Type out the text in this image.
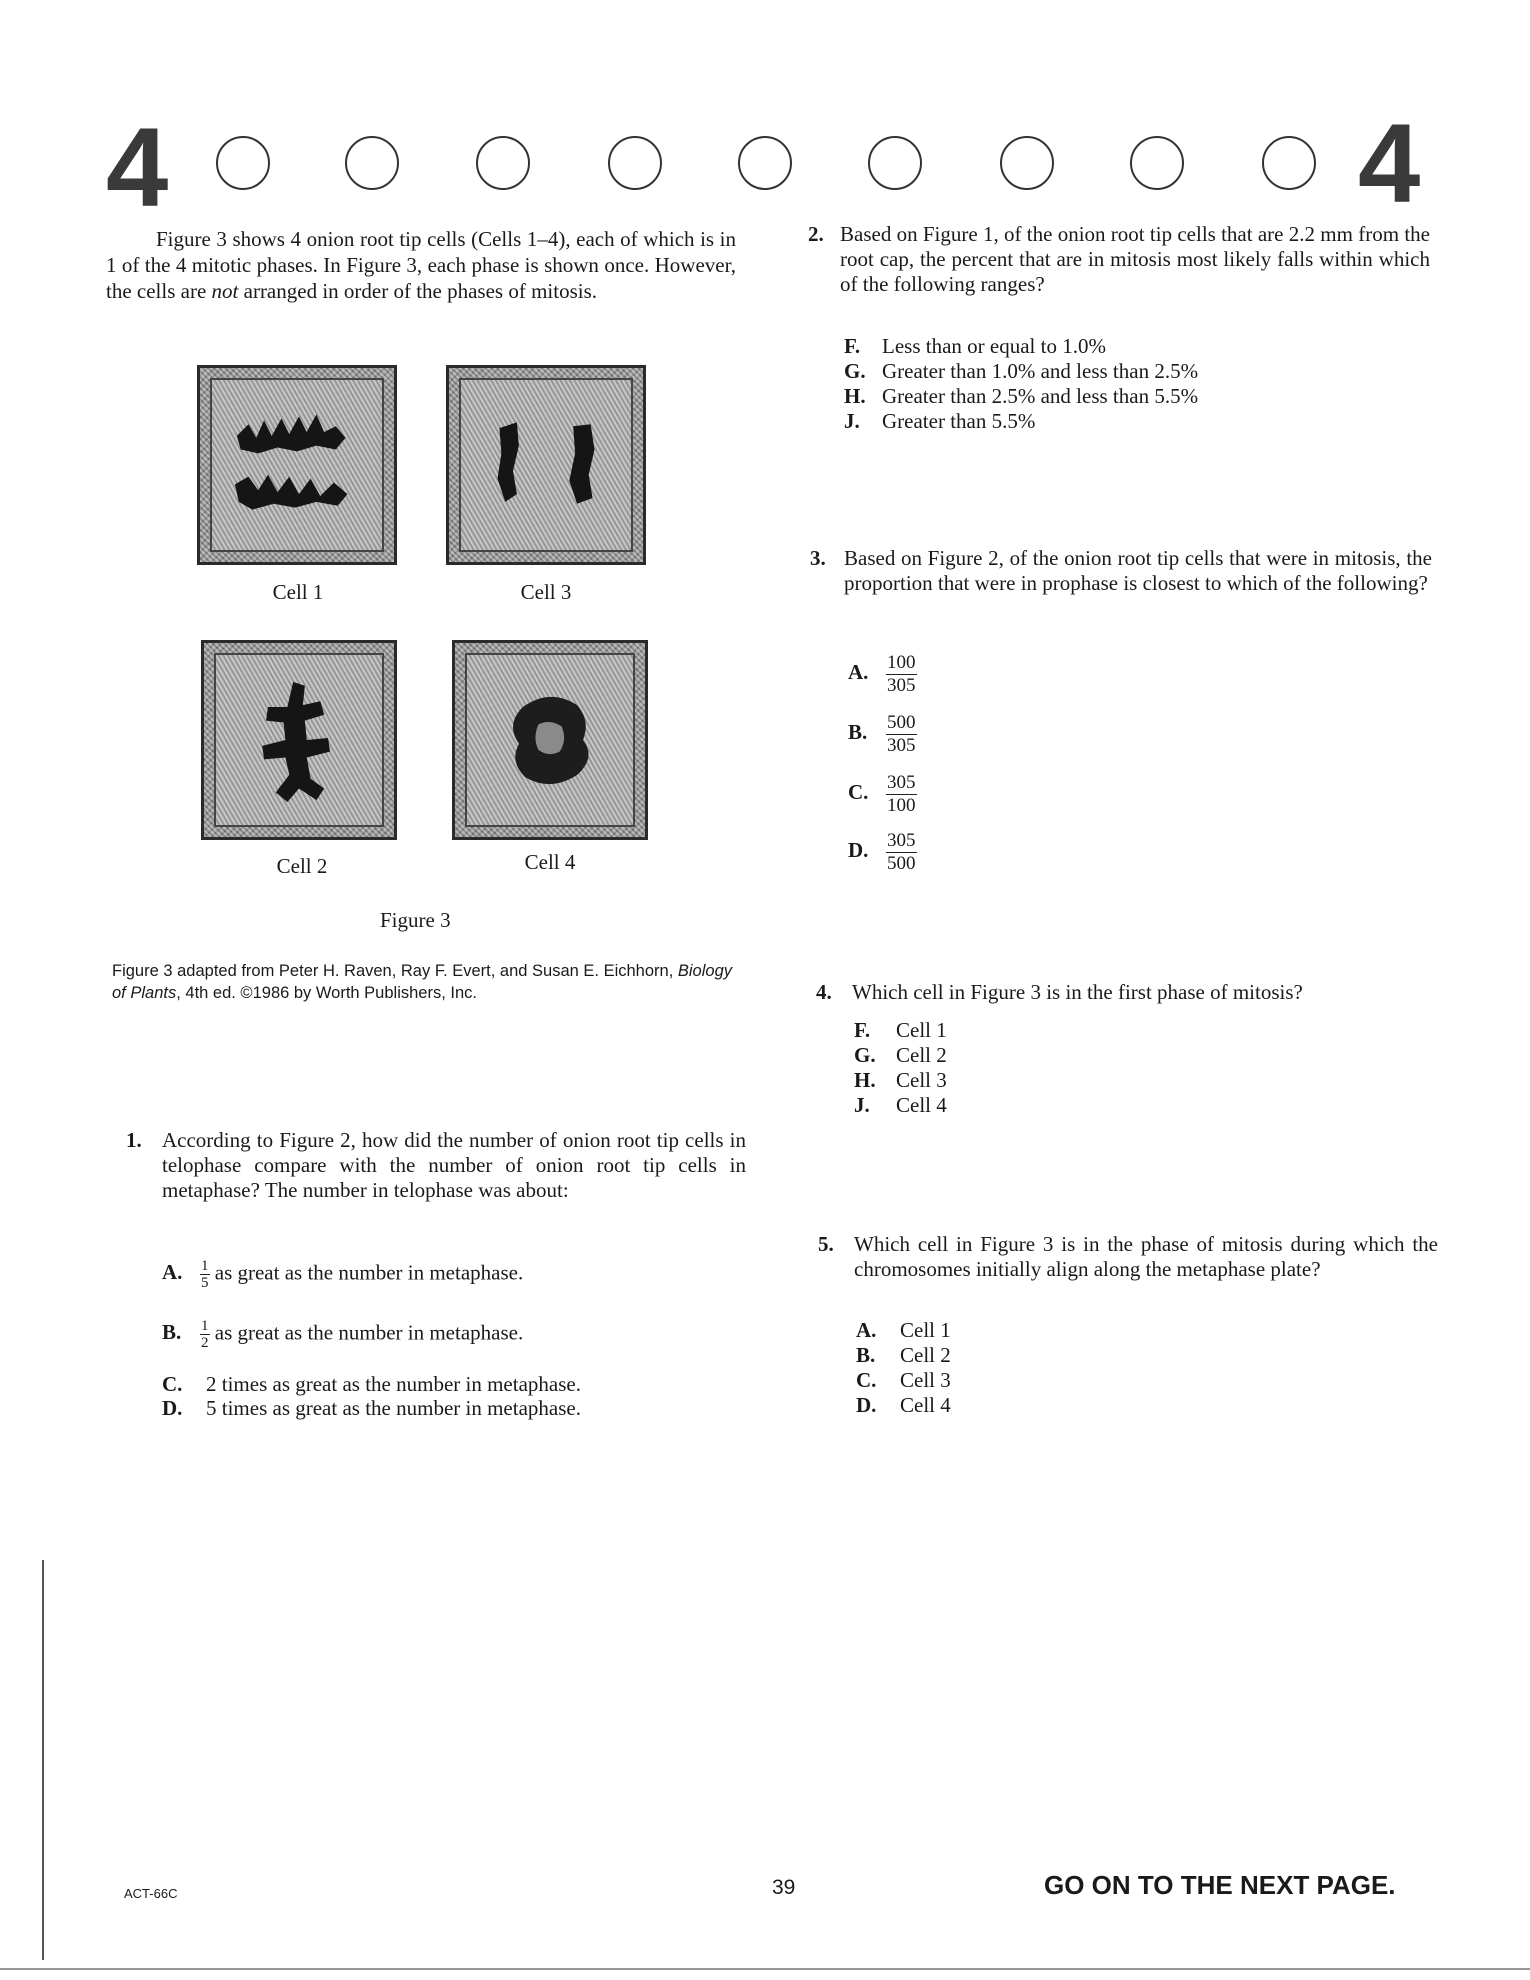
4	4
Figure 3 shows 4 onion root tip cells (Cells 1–4), each of which is in 1 of the 4 mitotic phases. In Figure 3, each phase is shown once. However, the cells are not arranged in order of the phases of mitosis.
Cell 1	Cell 3
Cell 2	Cell 4
Figure 3
Figure 3 adapted from Peter H. Raven, Ray F. Evert, and Susan E. Eichhorn, Biology of Plants, 4th ed. ©1986 by Worth Publishers, Inc.
1. According to Figure 2, how did the number of onion root tip cells in telophase compare with the number of onion root tip cells in metaphase? The number in telophase was about:
A. $\frac{1}{5}$ as great as the number in metaphase.
B. $\frac{1}{2}$ as great as the number in metaphase.
C. 2 times as great as the number in metaphase.
D. 5 times as great as the number in metaphase.
2. Based on Figure 1, of the onion root tip cells that are 2.2 mm from the root cap, the percent that are in mitosis most likely falls within which of the following ranges?
F. Less than or equal to 1.0%
G. Greater than 1.0% and less than 2.5%
H. Greater than 2.5% and less than 5.5%
J. Greater than 5.5%
3. Based on Figure 2, of the onion root tip cells that were in mitosis, the proportion that were in prophase is closest to which of the following?
A. $\frac{100}{305}$
B. $\frac{500}{305}$
C. $\frac{305}{100}$
D. $\frac{305}{500}$
4. Which cell in Figure 3 is in the first phase of mitosis?
F. Cell 1
G. Cell 2
H. Cell 3
J. Cell 4
5. Which cell in Figure 3 is in the phase of mitosis during which the chromosomes initially align along the metaphase plate?
A. Cell 1
B. Cell 2
C. Cell 3
D. Cell 4
ACT-66C	39	GO ON TO THE NEXT PAGE.
